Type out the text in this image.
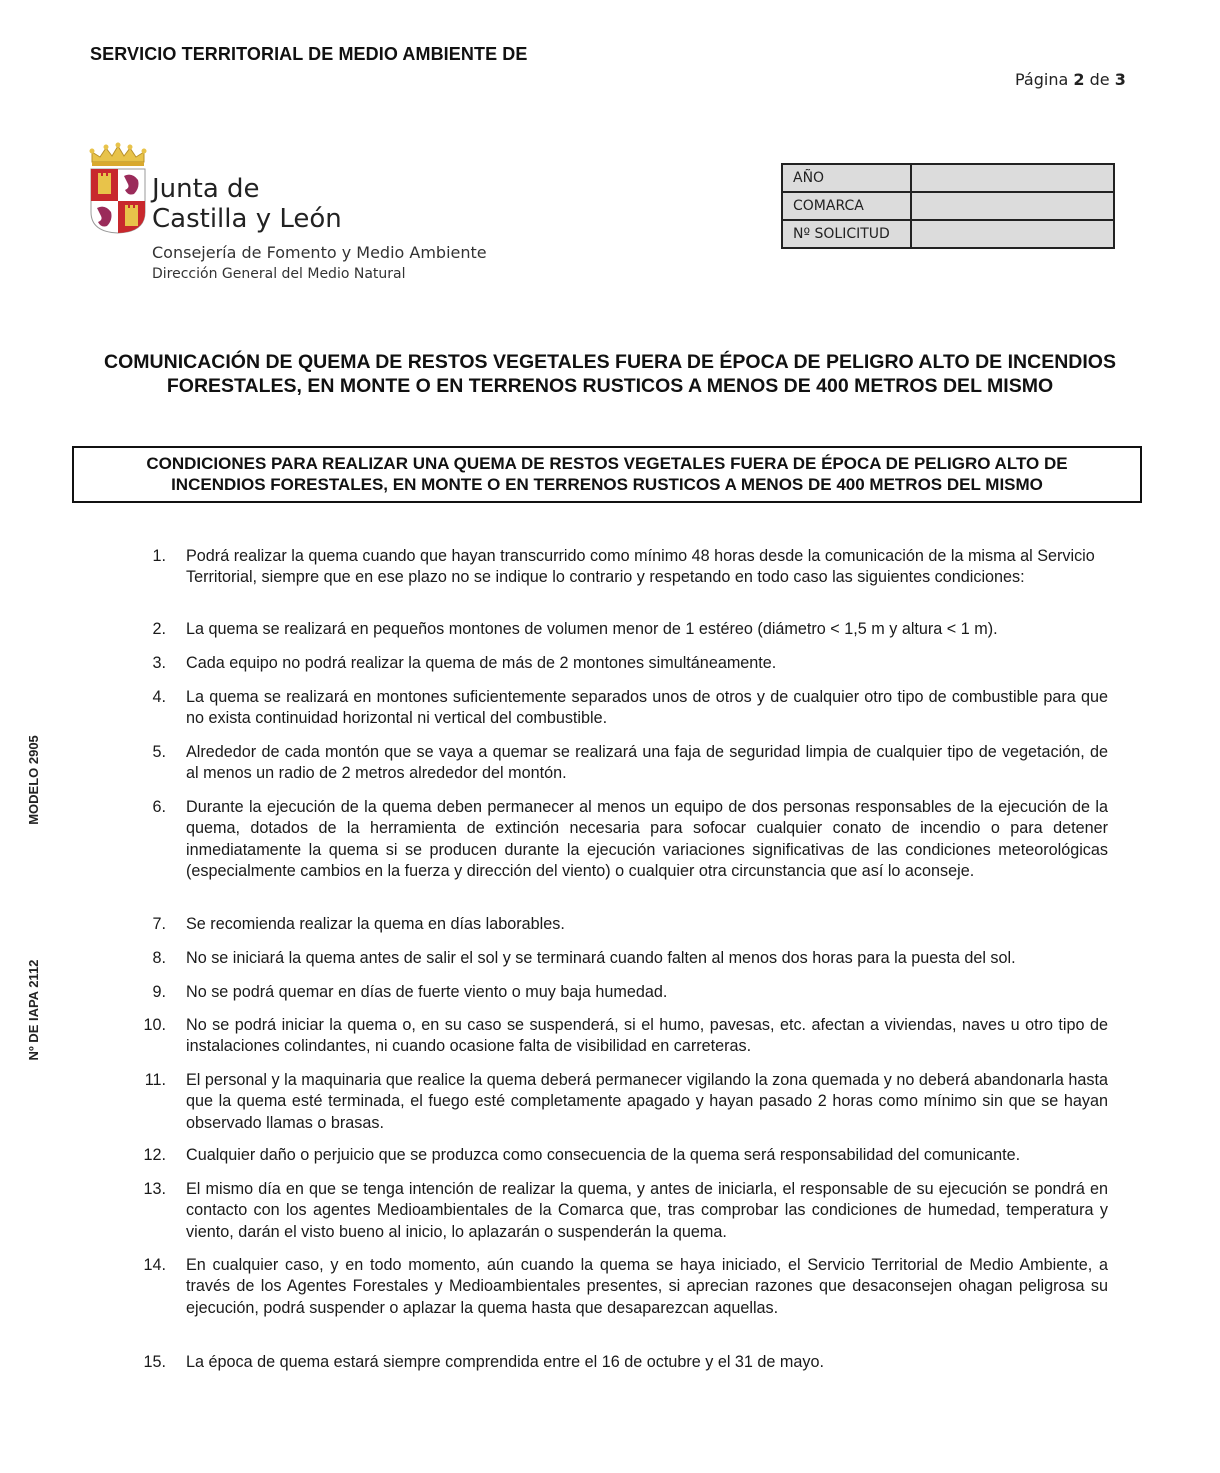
SERVICIO TERRITORIAL DE MEDIO AMBIENTE DE
Página 2 de 3
Junta de
Castilla y León
Consejería de Fomento y Medio Ambiente
Dirección General del Medio Natural
AÑO	
COMARCA	
Nº SOLICITUD	
COMUNICACIÓN DE QUEMA DE RESTOS VEGETALES FUERA DE ÉPOCA DE PELIGRO ALTO DE INCENDIOS
FORESTALES, EN MONTE O EN TERRENOS RUSTICOS A MENOS DE 400 METROS DEL MISMO
CONDICIONES PARA REALIZAR UNA QUEMA DE RESTOS VEGETALES FUERA DE ÉPOCA DE PELIGRO ALTO DE
INCENDIOS FORESTALES, EN MONTE O EN TERRENOS RUSTICOS A MENOS DE 400 METROS DEL MISMO
MODELO 2905
Nº DE IAPA 2112
1. Podrá realizar la quema cuando que hayan transcurrido como mínimo 48 horas desde la comunicación de la misma al Servicio Territorial, siempre que en ese plazo no se indique lo contrario y respetando en todo caso las siguientes condiciones:
2. La quema se realizará en pequeños montones de volumen menor de 1 estéreo (diámetro < 1,5 m y altura < 1 m).
3. Cada equipo no podrá realizar la quema de más de 2 montones simultáneamente.
4. La quema se realizará en montones suficientemente separados unos de otros y de cualquier otro tipo de combustible para que no exista continuidad horizontal ni vertical del combustible.
5. Alrededor de cada montón que se vaya a quemar se realizará una faja de seguridad limpia de cualquier tipo de vegetación, de al menos un radio de 2 metros alrededor del montón.
6. Durante la ejecución de la quema deben permanecer al menos un equipo de dos personas responsables de la ejecución de la quema, dotados de la herramienta de extinción necesaria para sofocar cualquier conato de incendio o para detener inmediatamente la quema si se producen durante la ejecución variaciones significativas de las condiciones meteorológicas (especialmente cambios en la fuerza y dirección del viento) o cualquier otra circunstancia que así lo aconseje.
7. Se recomienda realizar la quema en días laborables.
8. No se iniciará la quema antes de salir el sol y se terminará cuando falten al menos dos horas para la puesta del sol.
9. No se podrá quemar en días de fuerte viento o muy baja humedad.
10. No se podrá iniciar la quema o, en su caso se suspenderá, si el humo, pavesas, etc. afectan a viviendas, naves u otro tipo de instalaciones colindantes, ni cuando ocasione falta de visibilidad en carreteras.
11. El personal y la maquinaria que realice la quema deberá permanecer vigilando la zona quemada y no deberá abandonarla hasta que la quema esté terminada, el fuego esté completamente apagado y hayan pasado 2 horas como mínimo sin que se hayan observado llamas o brasas.
12. Cualquier daño o perjuicio que se produzca como consecuencia de la quema será responsabilidad del comunicante.
13. El mismo día en que se tenga intención de realizar la quema, y antes de iniciarla, el responsable de su ejecución se pondrá en contacto con los agentes Medioambientales de la Comarca que, tras comprobar las condiciones de humedad, temperatura y viento, darán el visto bueno al inicio, lo aplazarán o suspenderán la quema.
14. En cualquier caso, y en todo momento, aún cuando la quema se haya iniciado, el Servicio Territorial de Medio Ambiente, a través de los Agentes Forestales y Medioambientales presentes, si aprecian razones que desaconsejen ohagan peligrosa su ejecución, podrá suspender o aplazar la quema hasta que desaparezcan aquellas.
15. La época de quema estará siempre comprendida entre el 16 de octubre y el 31 de mayo.
